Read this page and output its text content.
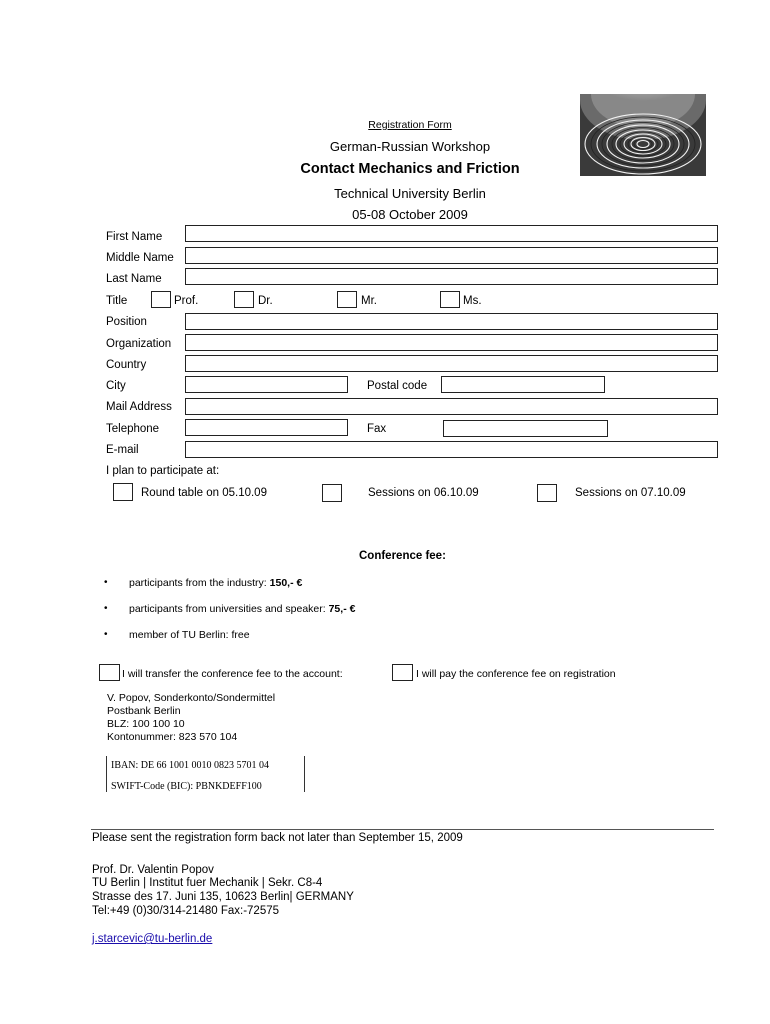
Registration Form
German-Russian Workshop
Contact Mechanics and Friction
Technical University Berlin
05-08 October 2009
First Name
Middle Name
Last Name
Title	Prof.	Dr.	Mr.	Ms.
Position
Organization
Country
City	Postal code
Mail Address
Telephone	Fax
E-mail
I plan to participate at:
Round table on 05.10.09	Sessions on 06.10.09	Sessions on 07.10.09
Conference fee:
• participants from the industry: 150,- €
• participants from universities and speaker: 75,- €
• member of TU Berlin: free
I will transfer the conference fee to the account:	I will pay the conference fee on registration
V. Popov, Sonderkonto/Sondermittel
Postbank Berlin
BLZ: 100 100 10
Kontonummer: 823 570 104
IBAN: DE 66 1001 0010 0823 5701 04
SWIFT-Code (BIC): PBNKDEFF100
Please sent the registration form back not later than September 15, 2009
Prof. Dr. Valentin Popov
TU Berlin | Institut fuer Mechanik | Sekr. C8-4
Strasse des 17. Juni 135, 10623 Berlin| GERMANY
Tel:+49 (0)30/314-21480 Fax:-72575
j.starcevic@tu-berlin.de
